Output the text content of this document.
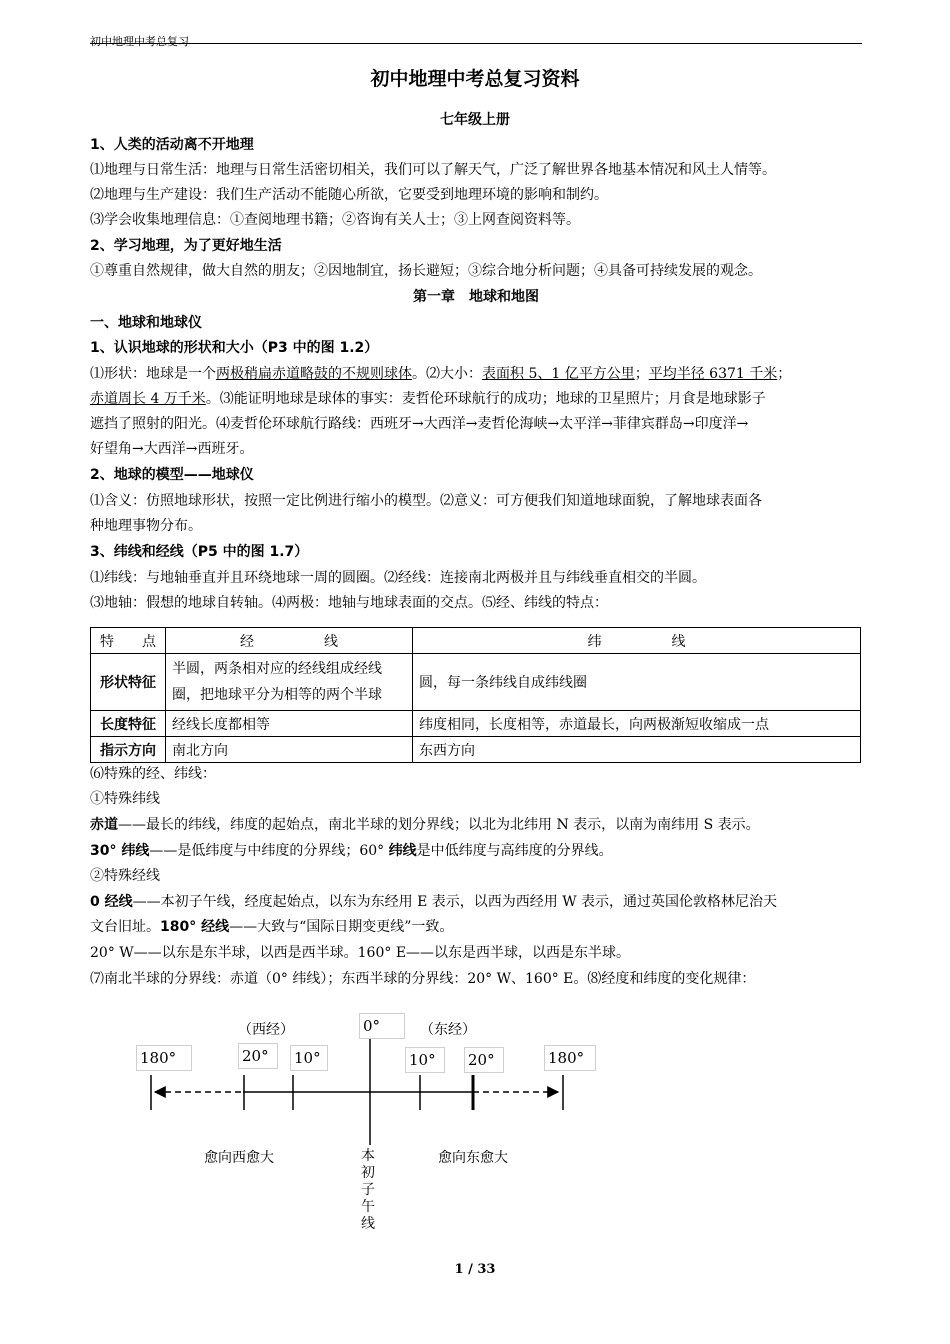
初中地理中考总复习
初中地理中考总复习资料
七年级上册
1、人类的活动离不开地理
⑴地理与日常生活：地理与日常生活密切相关，我们可以了解天气，广泛了解世界各地基本情况和风土人情等。
⑵地理与生产建设：我们生产活动不能随心所欲，它要受到地理环境的影响和制约。
⑶学会收集地理信息：①查阅地理书籍；②咨询有关人士；③上网查阅资料等。
2、学习地理，为了更好地生活
①尊重自然规律，做大自然的朋友；②因地制宜，扬长避短；③综合地分析问题；④具备可持续发展的观念。
第一章　地球和地图
一、地球和地球仪
1、认识地球的形状和大小（P3 中的图 1.2）
⑴形状：地球是一个两极稍扁赤道略鼓的不规则球体。⑵大小：表面积 5、1 亿平方公里；平均半径 6371 千米；
赤道周长 4 万千米。⑶能证明地球是球体的事实：麦哲伦环球航行的成功；地球的卫星照片；月食是地球影子
遮挡了照射的阳光。⑷麦哲伦环球航行路线：西班牙→大西洋→麦哲伦海峡→太平洋→菲律宾群岛→印度洋→
好望角→大西洋→西班牙。
2、地球的模型——地球仪
⑴含义：仿照地球形状，按照一定比例进行缩小的模型。⑵意义：可方便我们知道地球面貌，了解地球表面各
种地理事物分布。
3、纬线和经线（P5 中的图 1.7）
⑴纬线：与地轴垂直并且环绕地球一周的圆圈。⑵经线：连接南北两极并且与纬线垂直相交的半圆。
⑶地轴：假想的地球自转轴。⑷两极：地轴与地球表面的交点。⑸经、纬线的特点：
特　　点	经　　　　　线	纬　　　　　线
形状特征	半圆，两条相对应的经线组成经线
圈，把地球平分为相等的两个半球	圆，每一条纬线自成纬线圈
长度特征	经线长度都相等	纬度相同，长度相等，赤道最长，向两极渐短收缩成一点
指示方向	南北方向	东西方向
⑹特殊的经、纬线：
①特殊纬线
赤道——最长的纬线，纬度的起始点，南北半球的划分界线；以北为北纬用 N 表示，以南为南纬用 S 表示。
30° 纬线——是低纬度与中纬度的分界线；60° 纬线是中低纬度与高纬度的分界线。
②特殊经线
0 经线——本初子午线，经度起始点，以东为东经用 E 表示，以西为西经用 W 表示，通过英国伦敦格林尼治天
文台旧址。180° 经线——大致与“国际日期变更线”一致。
20° W——以东是东半球，以西是西半球。160° E——以东是西半球，以西是东半球。
⑺南北半球的分界线：赤道（0° 纬线）；东西半球的分界线：20° W、160° E。⑻经度和纬度的变化规律：
（西经）	（东经）
0°
180°	20°	10°	10°	20°	180°
愈向西愈大	愈向东愈大
本
初
子
午
线
1 / 33
